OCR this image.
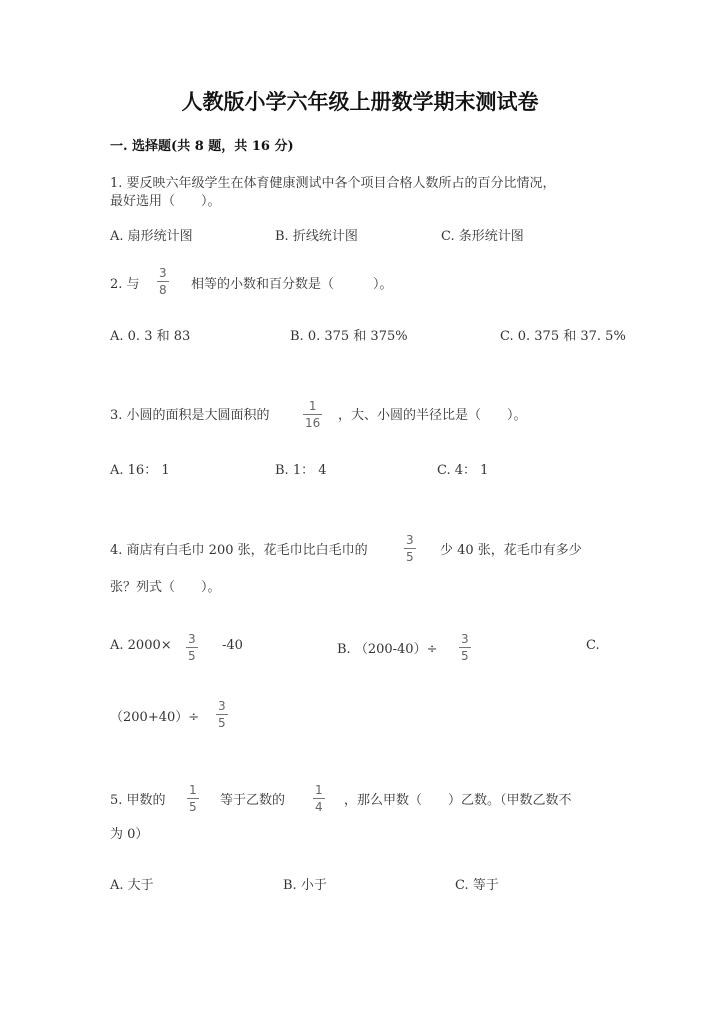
人教版小学六年级上册数学期末测试卷
一. 选择题(共 8 题，共 16 分)
1. 要反映六年级学生在体育健康测试中各个项目合格人数所占的百分比情况，
最好选用（　　）。
A. 扇形统计图	B. 折线统计图	C. 条形统计图
2. 与
3
8 相等的小数和百分数是（　　　）。
A. 0. 3 和 83	B. 0. 375 和 375%	C. 0. 375 和 37. 5%
3. 小圆的面积是大圆面积的
1
16 ，大、小圆的半径比是（　　）。
A. 16： 1	B. 1： 4	C. 4： 1
4. 商店有白毛巾 200 张，花毛巾比白毛巾的
3
5 少 40 张，花毛巾有多少
张？列式（　　）。
A. 2000× 3
5
-40	B. （200-40）÷
3
5
C.
（200+40）÷
3
5
5. 甲数的
1
5 等于乙数的
1
4 ，那么甲数（　　）乙数。（甲数乙数不
为 0）
A. 大于	B. 小于	C. 等于
